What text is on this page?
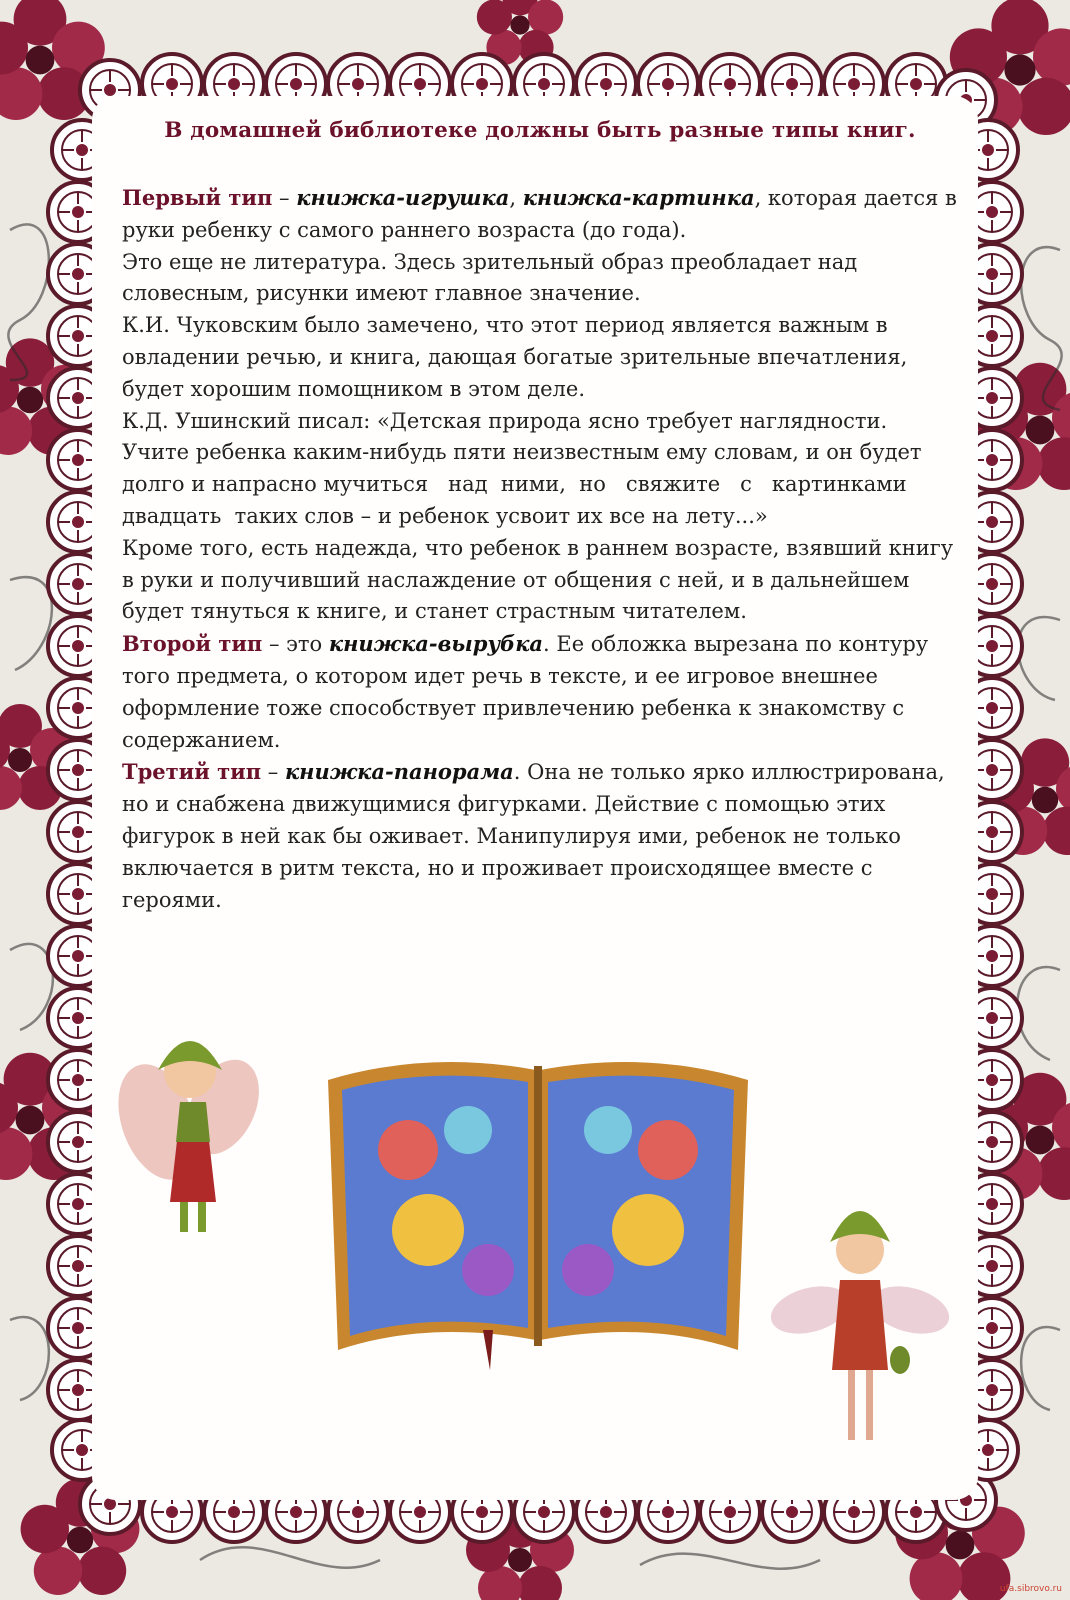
В домашней библиотеке должны быть разные типы книг.

Первый тип – книжка-игрушка, книжка-картинка, которая дается в руки ребенку с самого раннего возраста (до года).

Это еще не литература. Здесь зрительный образ преобладает над словесным, рисунки имеют главное значение.

К.И. Чуковским было замечено, что этот период является важным в овладении речью, и книга, дающая богатые зрительные впечатления, будет хорошим помощником в этом деле.

К.Д. Ушинский писал: «Детская природа ясно требует наглядности. Учите ребенка каким-нибудь пяти неизвестным ему словам, и он будет долго и напрасно мучиться   над  ними,  но   свяжите   с   картинками  двадцать  таких слов – и ребенок усвоит их все на лету...»

Кроме того, есть надежда, что ребенок в раннем возрасте, взявший книгу в руки и получивший наслаждение от общения с ней, и в дальнейшем будет тянуться к книге, и станет страстным читателем.

Второй тип – это книжка-вырубка. Ее обложка вырезана по контуру того предмета, о котором идет речь в тексте, и ее игровое внешнее оформление тоже способствует привлечению ребенка к знакомству с содержанием.

Третий тип – книжка-панорама. Она не только ярко иллюстрирована, но и снабжена движущимися фигурками. Действие с помощью этих фигурок в ней как бы оживает. Манипулируя ими, ребенок не только включается в ритм текста, но и проживает происходящее вместе с героями.

ufa.sibrovo.ru
